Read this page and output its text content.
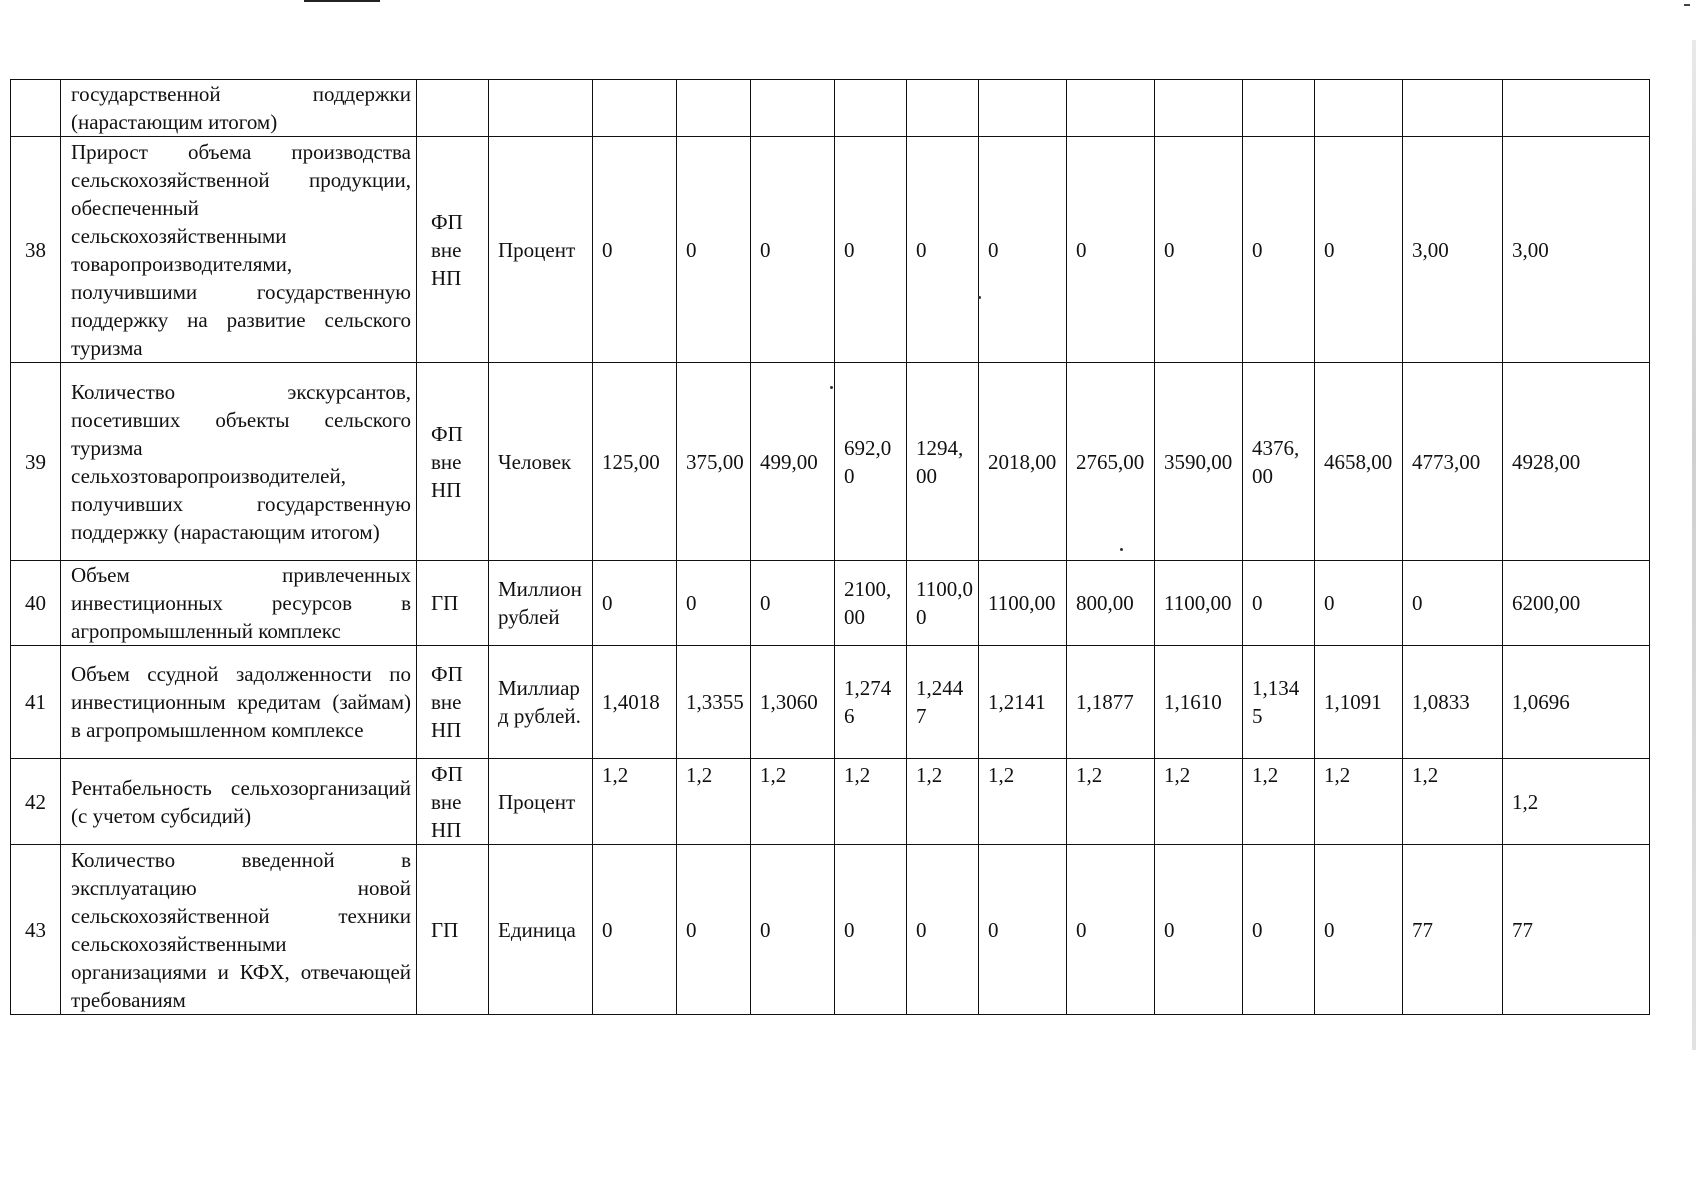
	государственной поддержки (нарастающим итогом)														
38	Прирост объема производства сельскохозяйственной продукции, обеспеченный сельскохозяйственными товаропроизводителями, получившими государственную поддержку на развитие сельского туризма	ФП вне НП	Процент	0	0	0	0	0	0	0	0	0	0	3,00	3,00
39	Количество экскурсантов, посетивших объекты сельского туризма сельхозтоваропроизводителей, получивших государственную поддержку (нарастающим итогом)	ФП вне НП	Человек	125,00	375,00	499,00	692,00	1294,00	2018,00	2765,00	3590,00	4376,00	4658,00	4773,00	4928,00
40	Объем привлеченных инвестиционных ресурсов в агропромышленный комплекс	ГП	Миллион рублей	0	0	0	2100,00	1100,00	1100,00	800,00	1100,00	0	0	0	6200,00
41	Объем ссудной задолженности по инвестиционным кредитам (займам) в агропромышленном комплексе	ФП вне НП	Миллиард рублей.	1,4018	1,3355	1,3060	1,2746	1,2447	1,2141	1,1877	1,1610	1,1345	1,1091	1,0833	1,0696
42	Рентабельность сельхозорганизаций (с учетом субсидий)	ФП вне НП	Процент	1,2	1,2	1,2	1,2	1,2	1,2	1,2	1,2	1,2	1,2	1,2	1,2
43	Количество введенной в эксплуатацию новой сельскохозяйственной техники сельскохозяйственными организациями и КФХ, отвечающей требованиям	ГП	Единица	0	0	0	0	0	0	0	0	0	0	77	77
